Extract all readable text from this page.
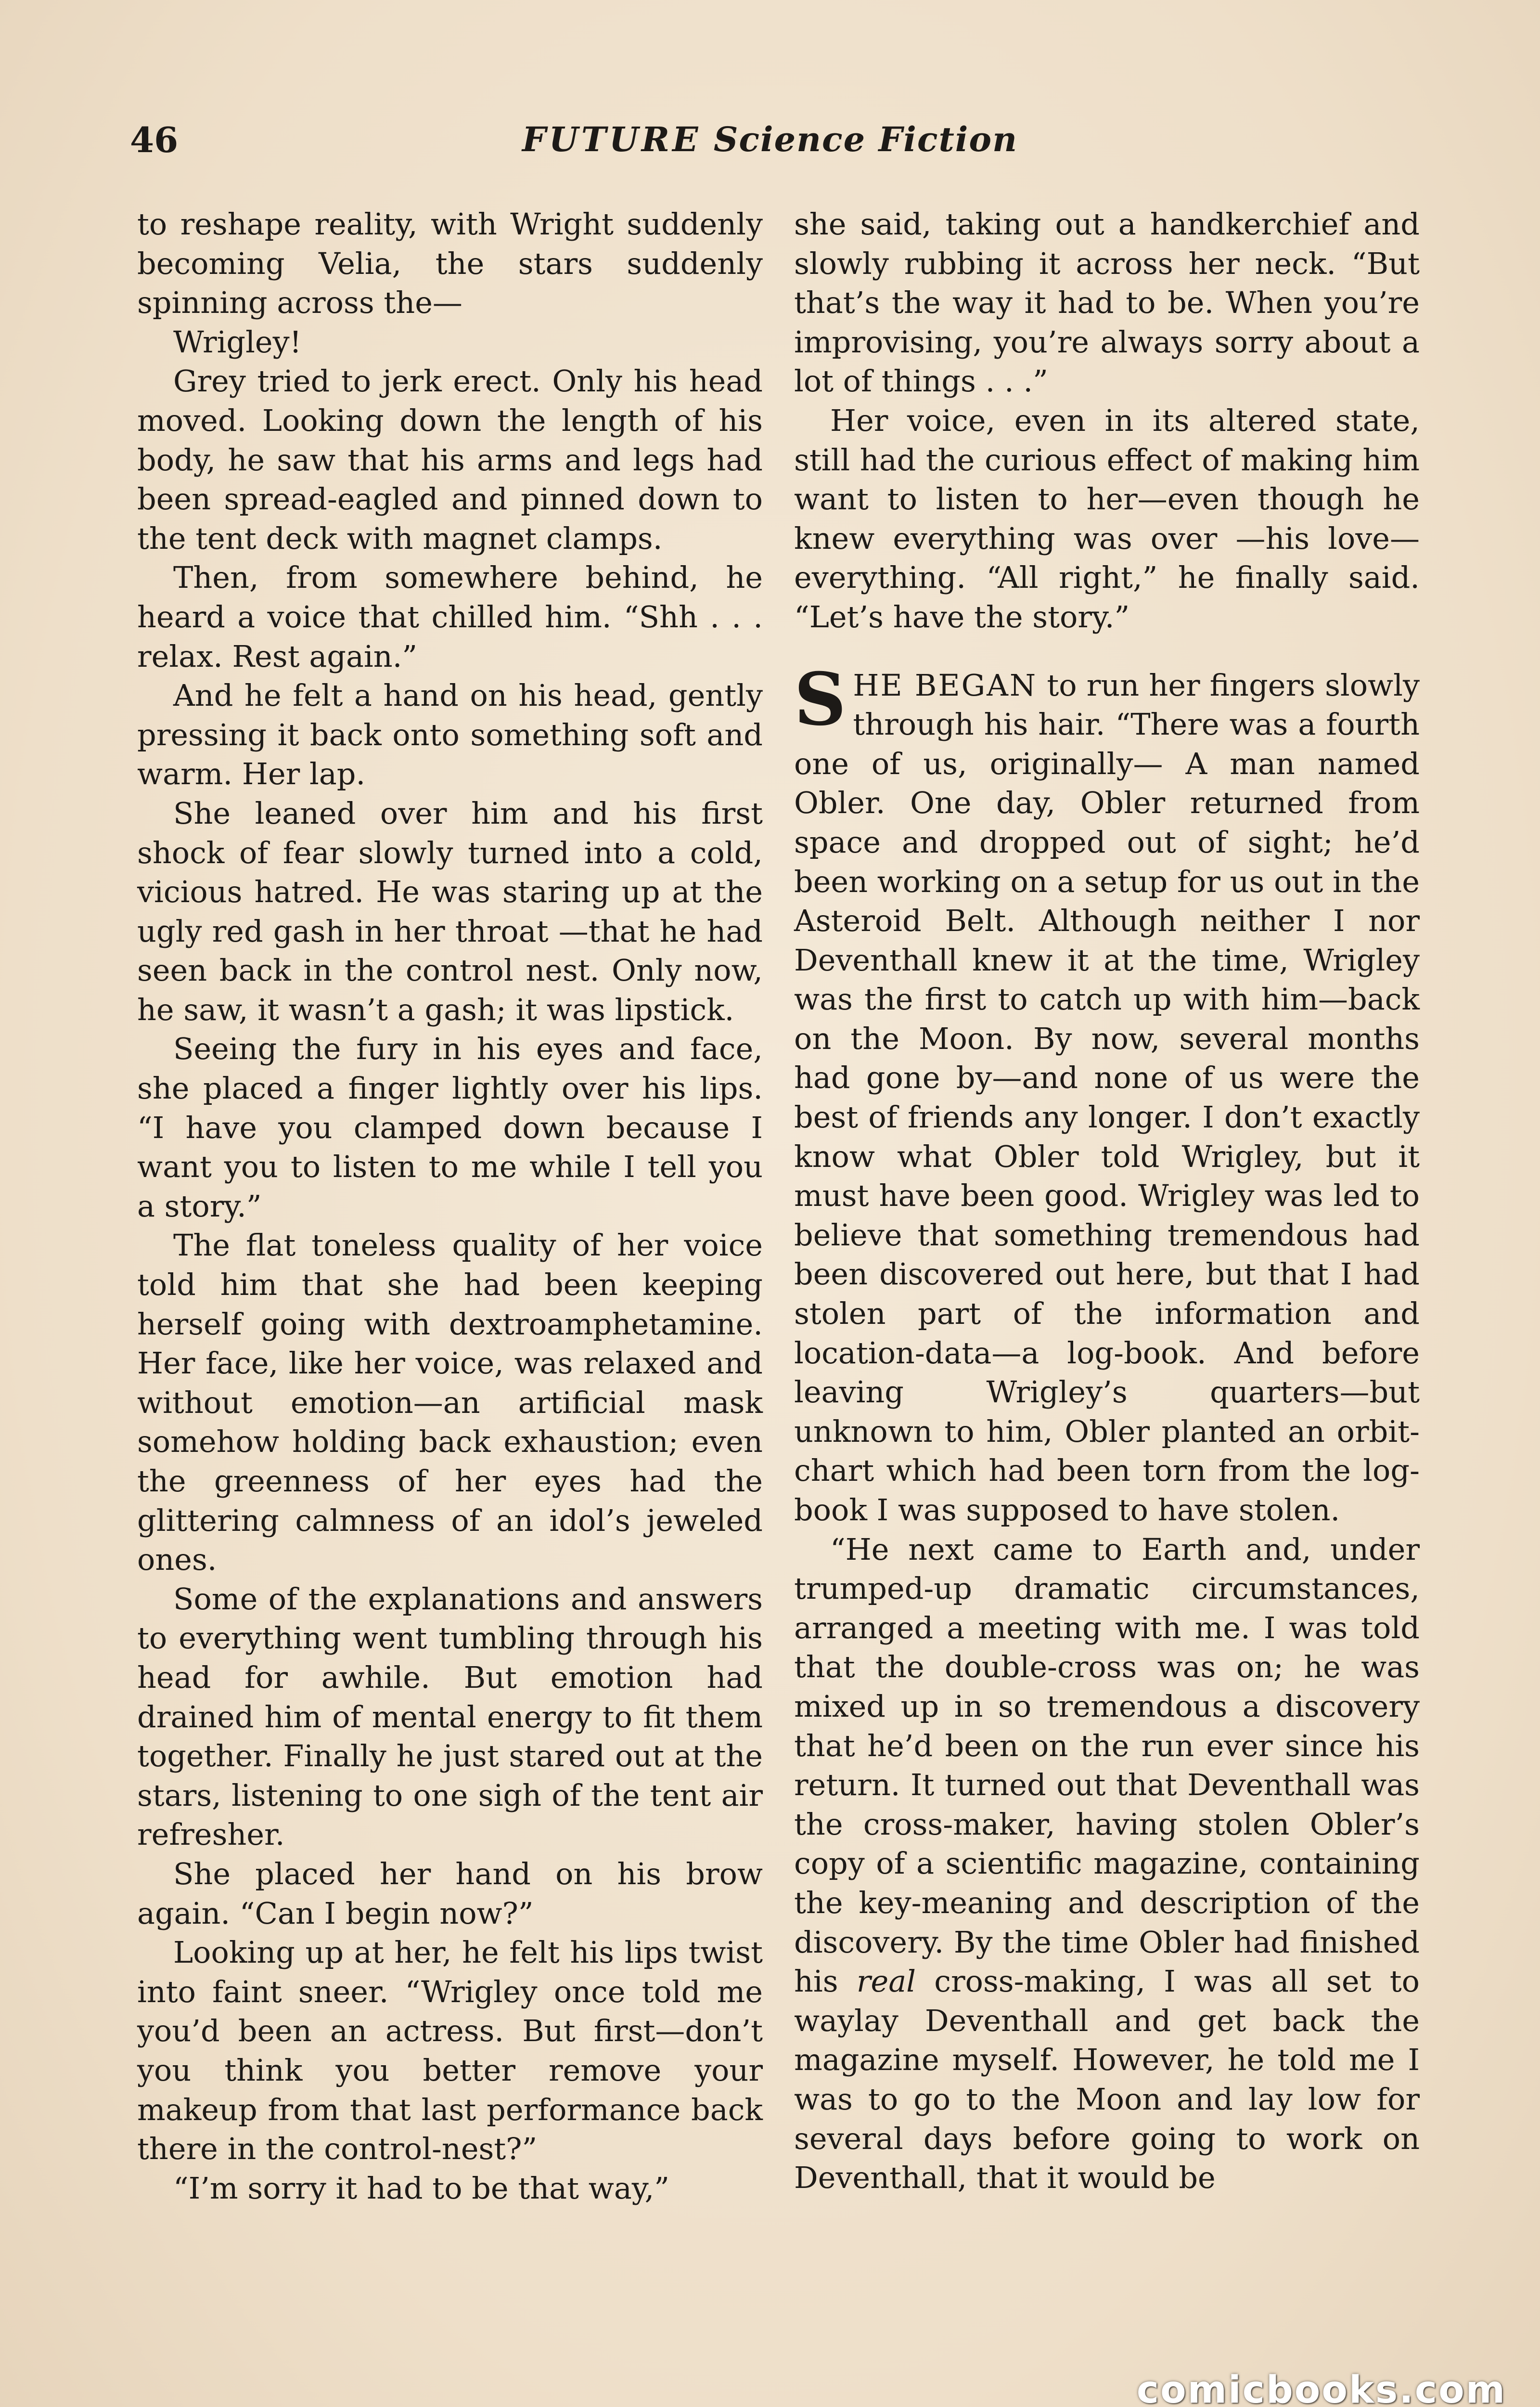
46	FUTURE Science Fiction

to reshape reality, with Wright suddenly becoming Velia, the stars suddenly spinning across the—

Wrigley!

Grey tried to jerk erect. Only his head moved. Looking down the length of his body, he saw that his arms and legs had been spread-eagled and pinned down to the tent deck with magnet clamps.

Then, from somewhere behind, he heard a voice that chilled him. “Shh . . . relax. Rest again.”

And he felt a hand on his head, gently pressing it back onto something soft and warm. Her lap.

She leaned over him and his first shock of fear slowly turned into a cold, vicious hatred. He was staring up at the ugly red gash in her throat —that he had seen back in the control nest. Only now, he saw, it wasn’t a gash; it was lipstick.

Seeing the fury in his eyes and face, she placed a finger lightly over his lips. “I have you clamped down because I want you to listen to me while I tell you a story.”

The flat toneless quality of her voice told him that she had been keeping herself going with dextroamphetamine. Her face, like her voice, was relaxed and without emotion—an artificial mask somehow holding back exhaustion; even the greenness of her eyes had the glittering calmness of an idol’s jeweled ones.

Some of the explanations and answers to everything went tumbling through his head for awhile. But emotion had drained him of mental energy to fit them together. Finally he just stared out at the stars, listening to one sigh of the tent air refresher.

She placed her hand on his brow again. “Can I begin now?”

Looking up at her, he felt his lips twist into faint sneer. “Wrigley once told me you’d been an actress. But first—don’t you think you better remove your makeup from that last performance back there in the control-nest?”

“I’m sorry it had to be that way,”

she said, taking out a handkerchief and slowly rubbing it across her neck. “But that’s the way it had to be. When you’re improvising, you’re always sorry about a lot of things . . .”

Her voice, even in its altered state, still had the curious effect of making him want to listen to her—even though he knew everything was over —his love—everything. “All right,” he finally said. “Let’s have the story.”

SHE BEGAN to run her fingers slowly through his hair. “There was a fourth one of us, originally— A man named Obler. One day, Obler returned from space and dropped out of sight; he’d been working on a setup for us out in the Asteroid Belt. Although neither I nor Deventhall knew it at the time, Wrigley was the first to catch up with him—back on the Moon. By now, several months had gone by—and none of us were the best of friends any longer. I don’t exactly know what Obler told Wrigley, but it must have been good. Wrigley was led to believe that something tremendous had been discovered out here, but that I had stolen part of the information and location-data—a log-book. And before leaving Wrigley’s quarters—but unknown to him, Obler planted an orbit-chart which had been torn from the log-book I was supposed to have stolen.

“He next came to Earth and, under trumped-up dramatic circumstances, arranged a meeting with me. I was told that the double-cross was on; he was mixed up in so tremendous a discovery that he’d been on the run ever since his return. It turned out that Deventhall was the cross-maker, having stolen Obler’s copy of a scientific magazine, containing the key-meaning and description of the discovery. By the time Obler had finished his real cross-making, I was all set to waylay Deventhall and get back the magazine myself. However, he told me I was to go to the Moon and lay low for several days before going to work on Deventhall, that it would be

comicbooks.com
